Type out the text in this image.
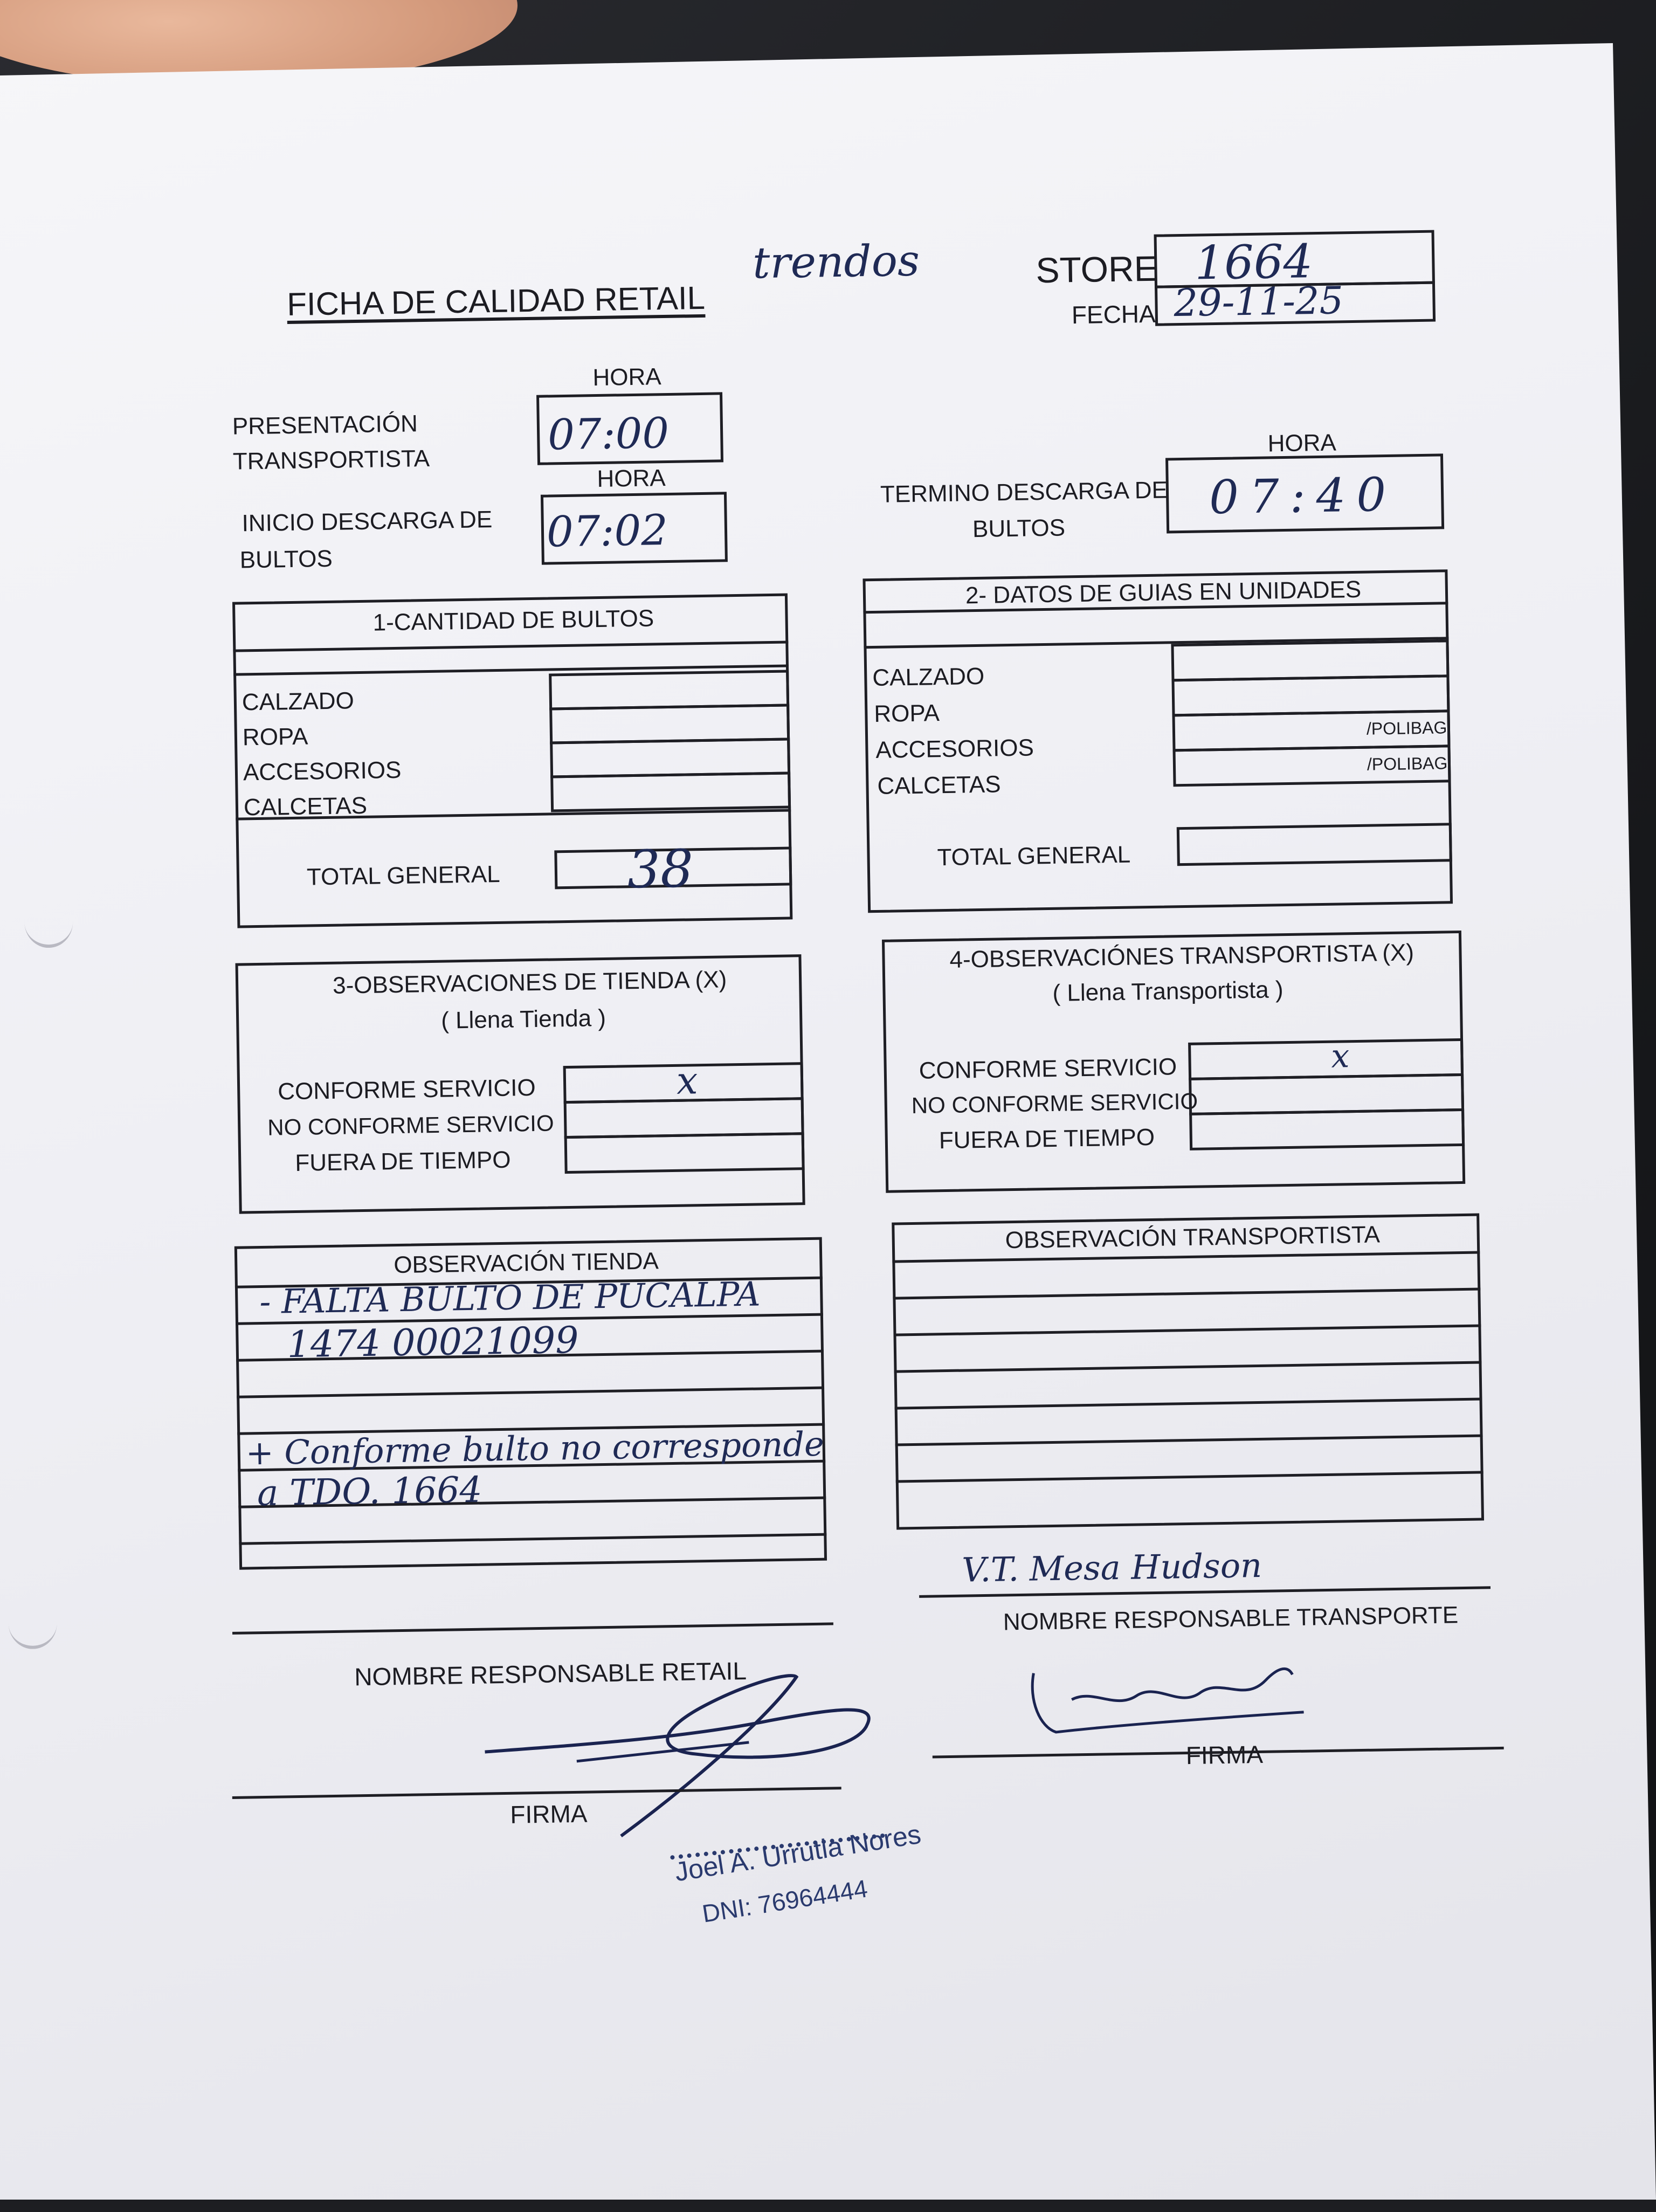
FICHA DE CALIDAD RETAIL
trendos	STORE 1664
FECHA 29-11-25
HORA
PRESENTACIÓN
TRANSPORTISTA
07:00
HORA
INICIO DESCARGA DE
BULTOS
07:02
HORA
TERMINO DESCARGA DE
BULTOS
07:40
1-CANTIDAD DE BULTOS
CALZADO
ROPA
ACCESORIOS
CALCETAS
TOTAL GENERAL 38
2- DATOS DE GUIAS EN UNIDADES
CALZADO
ROPA
ACCESORIOS
CALCETAS
/POLIBAG
/POLIBAG
TOTAL GENERAL
3-OBSERVACIONES DE TIENDA (X)
( Llena Tienda )
CONFORME SERVICIO
NO CONFORME SERVICIO
FUERA DE TIEMPO
x
4-OBSERVACIÓNES TRANSPORTISTA (X)
( Llena Transportista )
CONFORME SERVICIO
NO CONFORME SERVICIO
FUERA DE TIEMPO
x
OBSERVACIÓN TIENDA
- FALTA BULTO DE PUCALPA
1474 00021099
+ Conforme bulto no corresponde
a TDO. 1664
OBSERVACIÓN TRANSPORTISTA
V.T. Mesa Hudson
NOMBRE RESPONSABLE TRANSPORTE
NOMBRE RESPONSABLE RETAIL
FIRMA
FIRMA
Joel A. Urrutia Nores
DNI: 76964444
